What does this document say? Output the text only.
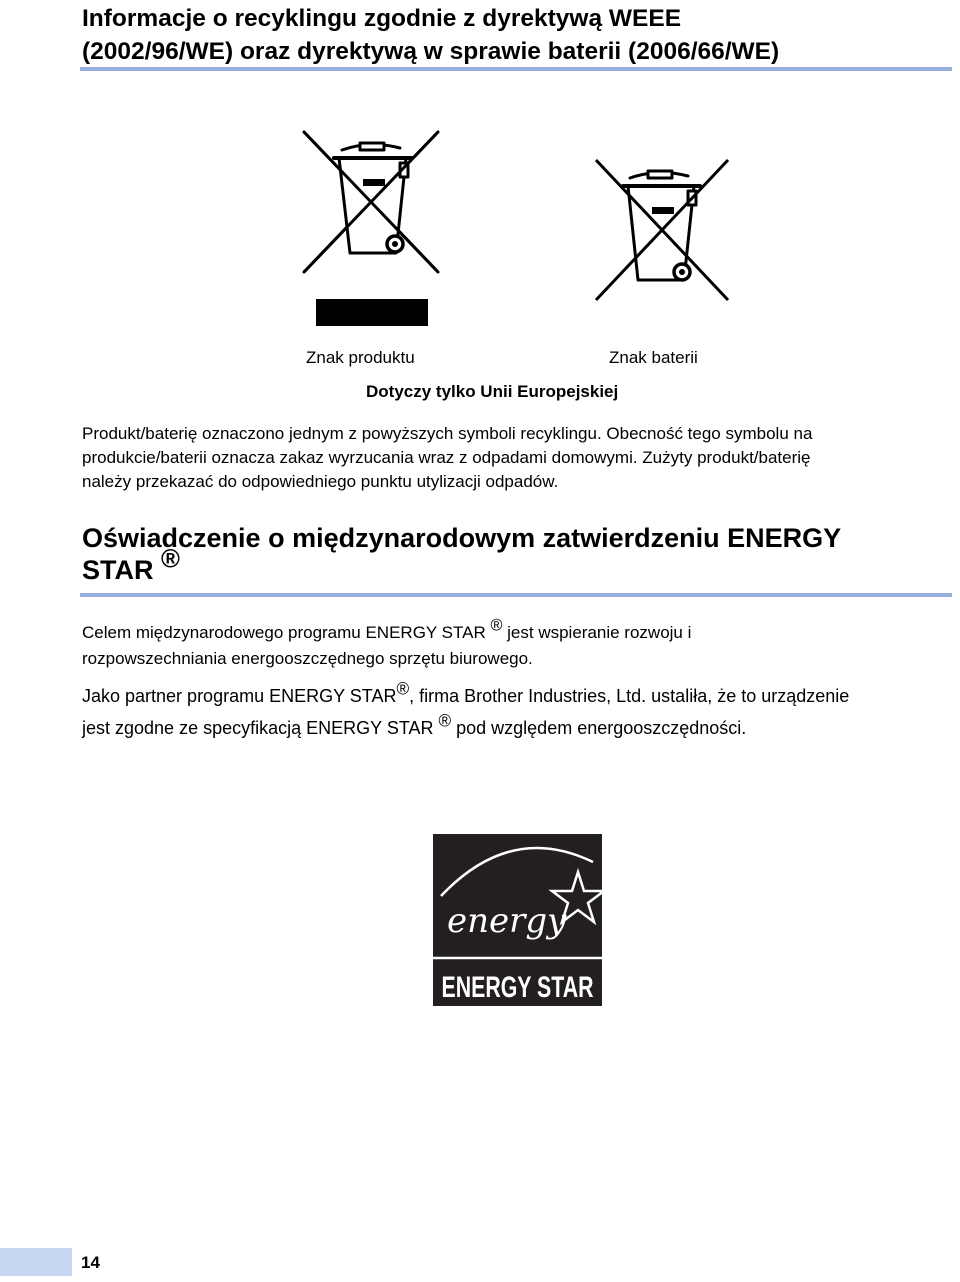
Informacje o recyklingu zgodnie z dyrektywą WEEE
(2002/96/WE) oraz dyrektywą w sprawie baterii (2006/66/WE)
Znak produktu	Znak baterii
Dotyczy tylko Unii Europejskiej

Produkt/baterię oznaczono jednym z powyższych symboli recyklingu. Obecność tego symbolu na
produkcie/baterii oznacza zakaz wyrzucania wraz z odpadami domowymi. Zużyty produkt/baterię
należy przekazać do odpowiedniego punktu utylizacji odpadów.

Oświadczenie o międzynarodowym zatwierdzeniu ENERGY
STAR ®

Celem międzynarodowego programu ENERGY STAR ® jest wspieranie rozwoju i
rozpowszechniania energooszczędnego sprzętu biurowego.

Jako partner programu ENERGY STAR®, firma Brother Industries, Ltd. ustaliła, że to urządzenie
jest zgodne ze specyfikacją ENERGY STAR ® pod względem energooszczędności.

energy
ENERGY STAR
14
